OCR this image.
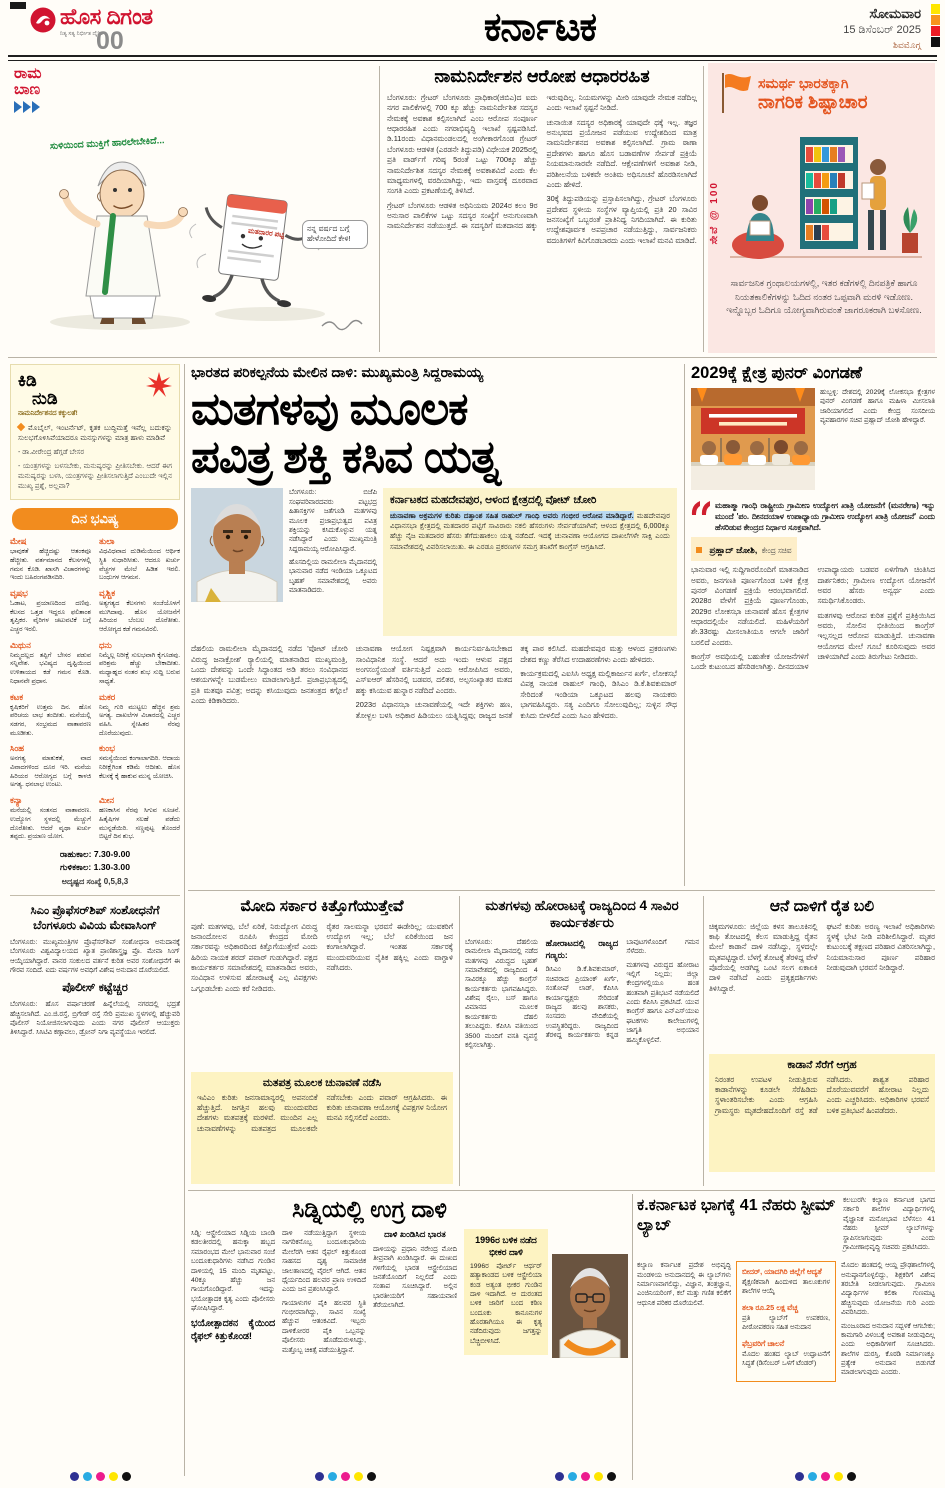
ಹೊಸ ದಿಗಂತ
ನಿತ್ಯ ಸತ್ಯ ನಿರ್ಭೀತ ದೈನಿಕ
00	ಕರ್ನಾಟಕ	ಸೋಮವಾರ
15 ಡಿಸೆಂಬರ್ 2025
ಶಿವಮೊಗ್ಗ
ರಾಮ
ಬಾಣ
ಸುಳಿಯಿಂದ ಮುಕ್ತಿಗೆ ಹಾರಲೇಬೇಕಿದೆ...
ಮತದಾರರ ಪಟ್ಟಿ	ನನ್ನ ವರ್ಷದ ಬಗ್ಗೆ ಹೇಳೋದಿದೆ ಕೇಳಿ!
ನಾಮನಿರ್ದೇಶನ ಆರೋಪ ಆಧಾರರಹಿತ

ಬೆಂಗಳೂರು: ಗ್ರೇಟರ್ ಬೆಂಗಳೂರು ಪ್ರಾಧಿಕಾರ(ಜಿಬಿಎ)ದ ಐದು ನಗರ ಪಾಲಿಕೆಗಳಲ್ಲಿ 700 ಕ್ಕೂ ಹೆಚ್ಚು ನಾಮನಿರ್ದೇಶಿತ ಸದಸ್ಯರ ನೇಮಕಕ್ಕೆ ಅವಕಾಶ ಕಲ್ಪಿಸಲಾಗಿದೆ ಎಂಬ ಆರೋಪ ಸಂಪೂರ್ಣ ಆಧಾರರಹಿತ ಎಂದು ನಗರಾಭಿವೃದ್ಧಿ ಇಲಾಖೆ ಸ್ಪಷ್ಟಪಡಿಸಿದೆ. ಡಿ.11ರಂದು ವಿಧಾನಮಂಡಲದಲ್ಲಿ ಅಂಗೀಕಾರಗೊಂಡ ಗ್ರೇಟರ್ ಬೆಂಗಳೂರು ಆಡಳಿತ (ಎರಡನೇ ತಿದ್ದುಪಡಿ) ವಿಧೇಯಕ 2025ರಲ್ಲಿ ಪ್ರತಿ ವಾರ್ಡ್‌ಗೆ ಗರಿಷ್ಠ 5ರಂತೆ ಒಟ್ಟು 700ಕ್ಕೂ ಹೆಚ್ಚು ನಾಮನಿರ್ದೇಶಿತ ಸದಸ್ಯರ ನೇಮಕಕ್ಕೆ ಅವಕಾಶವಿದೆ ಎಂದು ಕೆಲ ಮಾಧ್ಯಮಗಳಲ್ಲಿ ವರದಿಯಾಗಿದ್ದು, ಇದು ವಾಸ್ತವಕ್ಕೆ ದೂರವಾದ ಸಂಗತಿ ಎಂದು ಪ್ರಕಟಣೆಯಲ್ಲಿ ತಿಳಿಸಿದೆ.

ಗ್ರೇಟರ್ ಬೆಂಗಳೂರು ಆಡಳಿತ ಅಧಿನಿಯಮ 2024ರ ಕಲಂ 9ರ ಅನುಸಾರ ಪಾಲಿಕೆಗಳ ಒಟ್ಟು ಸದಸ್ಯರ ಸಂಖ್ಯೆಗೆ ಅನುಗುಣವಾಗಿ ನಾಮನಿರ್ದೇಶನ ನಡೆಯುತ್ತದೆ. ಈ ಸದಸ್ಯರಿಗೆ ಮತದಾನದ ಹಕ್ಕು ಇರುವುದಿಲ್ಲ. ನಿಯಮಗಳನ್ನು ಮೀರಿ ಯಾವುದೇ ನೇಮಕ ನಡೆದಿಲ್ಲ ಎಂದು ಇಲಾಖೆ ಸ್ಪಷ್ಟನೆ ನೀಡಿದೆ.

ಚುನಾಯಿತ ಸದಸ್ಯರ ಅಧಿಕಾರಕ್ಕೆ ಯಾವುದೇ ಧಕ್ಕೆ ಇಲ್ಲ. ತಜ್ಞರ ಅನುಭವದ ಪ್ರಯೋಜನ ಪಡೆಯುವ ಉದ್ದೇಶದಿಂದ ಮಾತ್ರ ನಾಮನಿರ್ದೇಶನದ ಅವಕಾಶ ಕಲ್ಪಿಸಲಾಗಿದೆ. ಗ್ರಾಮ ಠಾಣಾ ಪ್ರದೇಶಗಳು ಹಾಗೂ ಹೊಸ ಬಡಾವಣೆಗಳ ಸೇರ್ಪಡೆ ಪ್ರಕ್ರಿಯೆ ನಿಯಮಾನುಸಾರವೇ ನಡೆದಿದೆ. ಆಕ್ಷೇಪಣೆಗಳಿಗೆ ಅವಕಾಶ ನೀಡಿ, ಪರಿಶೀಲನೆಯ ಬಳಿಕವೇ ಅಂತಿಮ ಅಧಿಸೂಚನೆ ಹೊರಡಿಸಲಾಗಿದೆ ಎಂದು ಹೇಳಿದೆ.

30ಕ್ಕೆ ತಿದ್ದುಪಡಿಯನ್ನು ಪ್ರಸ್ತಾಪಿಸಲಾಗಿದ್ದು, ಗ್ರೇಟರ್ ಬೆಂಗಳೂರು ಪ್ರದೇಶದ ಸ್ಥಳೀಯ ಸಂಸ್ಥೆಗಳ ವ್ಯಾಪ್ತಿಯಲ್ಲಿ ಪ್ರತಿ 20 ಸಾವಿರ ಜನಸಂಖ್ಯೆಗೆ ಒಬ್ಬರಂತೆ ಪ್ರಾತಿನಿಧ್ಯ ನಿಗದಿಯಾಗಿದೆ. ಈ ಕುರಿತು ಉದ್ದೇಶಪೂರ್ವಕ ಅಪಪ್ರಚಾರ ನಡೆಯುತ್ತಿದ್ದು, ಸಾರ್ವಜನಿಕರು ವದಂತಿಗಳಿಗೆ ಕಿವಿಗೊಡಬಾರದು ಎಂದು ಇಲಾಖೆ ಮನವಿ ಮಾಡಿದೆ. ಸೇವೆ @ 100
ಸಮರ್ಥ ಭಾರತಕ್ಕಾಗಿ
ನಾಗರಿಕ ಶಿಷ್ಟಾಚಾರ
ಸಾರ್ವಜನಿಕ ಗ್ರಂಥಾಲಯಗಳಲ್ಲಿ, ಇತರ ಕಡೆಗಳಲ್ಲಿ ದಿನಪತ್ರಿಕೆ ಹಾಗೂ ನಿಯತಕಾಲಿಕೆಗಳನ್ನು ಓದಿದ ನಂತರ ಒಪ್ಪವಾಗಿ ಮರಳಿ ಇಡೋಣ. ಇನ್ನೊಬ್ಬರ ಓದಿಗೂ ಯೋಗ್ಯವಾಗಿರುವಂತೆ ಜಾಗರೂಕರಾಗಿ ಬಳಸೋಣ.
ಕಿಡಿ
ನುಡಿ
ನಾಮನಿರ್ದೇಶನದ ಕಕ್ಕುಲತೆ!
ಮೊಬೈಲ್, ಇಂಟರ್ನೆಟ್, ಕೃತಕ ಬುದ್ಧಿಮತ್ತೆ ಇವೆಲ್ಲ ಬದುಕನ್ನು ಸುಲಭಗೊಳಿಸಿವೆಯಾದರೂ ಮನಸ್ಸುಗಳನ್ನು ಮಾತ್ರ ಹಾಳು ಮಾಡಿವೆ
- ಡಾ.ವೀರೇಂದ್ರ ಹೆಗ್ಗಡೆ ಬೇಸರ
- ಯಂತ್ರಗಳನ್ನು ಬಳಸಬೇಕು, ಮನುಷ್ಯರನ್ನು ಪ್ರೀತಿಸಬೇಕು. ಆದರೆ ಈಗ ಮನುಷ್ಯರನ್ನು ಬಳಸಿ, ಯಂತ್ರಗಳನ್ನು ಪ್ರೀತಿಸಲಾಗುತ್ತಿದೆ ಎಂಬುದೇ ಇಲ್ಲಿನ ಮುಖ್ಯ ಪ್ರಶ್ನೆ, ಅಲ್ಲವಾ?
ದಿನ ಭವಿಷ್ಯ
ಮೇಷ
ಭಾವುಕತೆ ಹೆಚ್ಚಿದಷ್ಟು ಆತಂಕವೂ ಹೆಚ್ಚೀತು. ವರ್ತಮಾನದ ಕೆಲಸಗಳಲ್ಲಿ ಗಮನ ಕೊಡಿ. ಖಾಸಗಿ ವಿಚಾರಗಳನ್ನು ಇಂದು ಬಹಿರಂಗಪಡಿಸದಿರಿ.
ತುಲಾ
ವಿಧವಿಧವಾದ ದುಡಿಮೆಯಿಂದ ಆರ್ಥಿಕ ಸ್ಥಿತಿ ಸುಧಾರಿಸೀತು. ಆದರೂ ಖರ್ಚು ವೆಚ್ಚಗಳ ಮೇಲೆ ಹಿಡಿತ ಇರಲಿ. ಬಂಧುಗಳ ಆಗಮನ.
ವೃಷಭ
ಓಡಾಟ, ಪ್ರಯಾಣದಿಂದ ದಣಿವು. ಕೆಲಸದ ಒತ್ತಡ ಇದ್ದರೂ ಫಲಿತಾಂಶ ತೃಪ್ತಿಕರ. ವೈರಿಗಳ ಚಟುವಟಿಕೆ ಬಗ್ಗೆ ಎಚ್ಚರ ಇರಲಿ.
ವೃಶ್ಚಿಕ
ಅತ್ಯಗತ್ಯದ ಕೆಲಸಗಳು ಸಂಜೆಯೊಳಗೆ ಮುಗಿದಾವು. ಹೊಸ ಯೋಜನೆಗೆ ಹಿರಿಯರ ಬೆಂಬಲ ದೊರೆತೀತು. ಆರೋಗ್ಯದ ಕಡೆ ಗಮನವಿರಲಿ.
ಮಿಥುನ
ನಿಮ್ಮದಲ್ಲದ ತಪ್ಪಿಗೆ ಬೇಸರ ಪಡುವ ಸನ್ನಿವೇಶ. ಭವಿಷ್ಯದ ದೃಷ್ಟಿಯಿಂದ ಉಳಿತಾಯದ ಕಡೆ ಗಮನ ಕೊಡಿ. ನಿಧಾನವೇ ಪ್ರಧಾನ.
ಧನು
ನಿಮ್ಮೆಲ್ಲ ನಿರೀಕ್ಷೆ ಸುಲಭವಾಗಿ ಕೈಗೂಡವು. ಪರಿಶ್ರಮ ಹೆಚ್ಚು ಬೇಕಾದೀತು. ಮಧ್ಯಾಹ್ನದ ನಂತರ ಶುಭ ಸುದ್ದಿ ಬರುವ ಸಾಧ್ಯತೆ.
ಕಟಕ
ಕೃಷಿಕರಿಗೆ ಉತ್ತಮ ದಿನ. ಹೊಸ ಪರಿಚಯ ಲಾಭ ತಂದೀತು. ಮನೆಯಲ್ಲಿ ಸಡಗರ, ಸಂಭ್ರಮದ ವಾತಾವರಣ ಮೂಡೀತು.
ಮಕರ
ನಿಮ್ಮ ಗುರಿ ಮುಟ್ಟಲು ಹೆಚ್ಚಿನ ಶ್ರಮ ಅಗತ್ಯ. ದಾಖಲೆಗಳ ವಿಚಾರದಲ್ಲಿ ಎಚ್ಚರ ವಹಿಸಿ. ಸ್ನೇಹಿತರ ನೆರವು ದೊರೆಯುವುದು.
ಸಿಂಹ
ಅನಗತ್ಯ ಮಾತುಕತೆ, ವಾದ ವಿವಾದಗಳಿಂದ ದೂರ ಇರಿ. ಮನೆಯ ಹಿರಿಯರ ಆರೋಗ್ಯದ ಬಗ್ಗೆ ಕಾಳಜಿ ಅಗತ್ಯ. ಧನಲಾಭ ಉಂಟು.
ಕುಂಭ
ಸಮಸ್ಯೆಯಿಂದ ಕಂಗಾಲಾಗದಿರಿ. ಆದಾಯ ನಿರೀಕ್ಷೆಗಿಂತ ಕಡಿಮೆ ಆದೀತು. ಹೊಸ ಕೆಲಸಕ್ಕೆ ಕೈ ಹಾಕುವ ಮುನ್ನ ಯೋಚಿಸಿ.
ಕನ್ಯಾ
ಮನೆಯಲ್ಲಿ ಸಂತಸದ ವಾತಾವರಣ. ಉದ್ಯೋಗ ಸ್ಥಳದಲ್ಲಿ ಮೆಚ್ಚುಗೆ ದೊರೆತೀತು. ಆದರೆ ವೃಥಾ ಖರ್ಚು ತಪ್ಪದು. ಪ್ರಯಾಣ ಯೋಗ.
ಮೀನ
ಹಣಕಾಸಿನ ನೆರವು ಸಿಗುವ ಸೂಚನೆ. ಹಿತೈಷಿಗಳ ಸಲಹೆ ಪಡೆದು ಮುನ್ನಡೆಯಿರಿ. ಸಣ್ಣಪುಟ್ಟ ತೊಂದರೆ ಬಿಟ್ಟರೆ ದಿನ ಶುಭ.
ರಾಹುಕಾಲ: 7.30-9.00
ಗುಳಿಕಕಾಲ: 1.30-3.00
ಅದೃಷ್ಟದ ಸಂಖ್ಯೆ 0,5,8,3
ಸಿಎಂ ಪ್ರೊಫೆಸರ್‌ಶಿಪ್ ಸಂಶೋಧನೆಗೆ ಬೆಂಗಳೂರು ವಿವಿಯ ಮೇವಾಸಿಂಗ್

ಬೆಂಗಳೂರು: ಮುಖ್ಯಮಂತ್ರಿಗಳ ಪ್ರೊಫೆಸರ್‌ಶಿಪ್ ಸಂಶೋಧನಾ ಅನುದಾನಕ್ಕೆ ಬೆಂಗಳೂರು ವಿಶ್ವವಿದ್ಯಾಲಯದ ಖ್ಯಾತ ಪ್ರಾಣಿಶಾಸ್ತ್ರಜ್ಞ ಪ್ರೊ. ಮೇವಾ ಸಿಂಗ್ ಆಯ್ಕೆಯಾಗಿದ್ದಾರೆ. ವಾನರ ಸಂಕುಲದ ವರ್ತನೆ ಕುರಿತ ಅವರ ಸಂಶೋಧನೆಗೆ ಈ ಗೌರವ ಸಂದಿದೆ. ಐದು ವರ್ಷಗಳ ಅವಧಿಗೆ ವಿಶೇಷ ಅನುದಾನ ದೊರೆಯಲಿದೆ.

ಪೊಲೀಸ್ ಕಟ್ಟೆಚ್ಚರ

ಬೆಂಗಳೂರು: ಹೊಸ ವರ್ಷಾಚರಣೆ ಹಿನ್ನೆಲೆಯಲ್ಲಿ ನಗರದಲ್ಲಿ ಭದ್ರತೆ ಹೆಚ್ಚಿಸಲಾಗಿದೆ. ಎಂ.ಜಿ.ರಸ್ತೆ, ಬ್ರಿಗೇಡ್ ರಸ್ತೆ ಸೇರಿ ಪ್ರಮುಖ ಸ್ಥಳಗಳಲ್ಲಿ ಹೆಚ್ಚುವರಿ ಪೊಲೀಸ್ ನಿಯೋಜಿಸಲಾಗುವುದು ಎಂದು ನಗರ ಪೊಲೀಸ್ ಆಯುಕ್ತರು ತಿಳಿಸಿದ್ದಾರೆ. ಸಿಸಿಟಿವಿ ಕಣ್ಗಾವಲು, ಡ್ರೋನ್ ನಿಗಾ ವ್ಯವಸ್ಥೆಯೂ ಇರಲಿದೆ.

ಭಾರತದ ಪರಿಕಲ್ಪನೆಯ ಮೇಲಿನ ದಾಳಿ: ಮುಖ್ಯಮಂತ್ರಿ ಸಿದ್ದರಾಮಯ್ಯ
ಮತಗಳವು ಮೂಲಕ
ಪವಿತ್ರ ಶಕ್ತಿ ಕಸಿವ ಯತ್ನ

ಬೆಂಗಳೂರು: ಬಿಜೆಪಿ ಸಂಘಪರಿವಾರದವರು ಪಟ್ಟಭದ್ರ ಹಿತಾಸಕ್ತಿಗಳ ಜತೆಗೂಡಿ ಮತಗಳವು ಮೂಲಕ ಪ್ರಜಾಪ್ರಭುತ್ವದ ಪವಿತ್ರ ಶಕ್ತಿಯನ್ನು ಕಸಿದುಕೊಳ್ಳುವ ಯತ್ನ ನಡೆಸಿದ್ದಾರೆ ಎಂದು ಮುಖ್ಯಮಂತ್ರಿ ಸಿದ್ದರಾಮಯ್ಯ ಆರೋಪಿಸಿದ್ದಾರೆ.

ಹೊಸದಿಲ್ಲಿಯ ರಾಮಲೀಲಾ ಮೈದಾನದಲ್ಲಿ ಭಾನುವಾರ ನಡೆದ ಇಂಡಿಯಾ ಒಕ್ಕೂಟದ ಬೃಹತ್ ಸಮಾವೇಶದಲ್ಲಿ ಅವರು ಮಾತನಾಡಿದರು.

ಕರ್ನಾಟಕದ ಮಹದೇವಪುರ, ಆಳಂದ ಕ್ಷೇತ್ರದಲ್ಲಿ ವೋಟ್ ಚೋರಿ
ಚುನಾವಣಾ ಅಕ್ರಮಗಳ ಕುರಿತು ದತ್ತಾಂಶ ಸಹಿತ ರಾಹುಲ್ ಗಾಂಧಿ ಅವರು ಗಂಭೀರ ಆರೋಪ ಮಾಡಿದ್ದಾರೆ. ಮಹದೇವಪುರ ವಿಧಾನಸಭಾ ಕ್ಷೇತ್ರದಲ್ಲಿ ಮತದಾರರ ಪಟ್ಟಿಗೆ ಸಾವಿರಾರು ನಕಲಿ ಹೆಸರುಗಳು ಸೇರ್ಪಡೆಯಾಗಿವೆ; ಆಳಂದ ಕ್ಷೇತ್ರದಲ್ಲಿ 6,000ಕ್ಕೂ ಹೆಚ್ಚು ನೈಜ ಮತದಾರರ ಹೆಸರು ತೆಗೆದುಹಾಕಲು ಯತ್ನ ನಡೆದಿದೆ. ಇದಕ್ಕೆ ಚುನಾವಣಾ ಆಯೋಗದ ದಾಖಲೆಗಳೇ ಸಾಕ್ಷಿ ಎಂದು ಸಮಾವೇಶದಲ್ಲಿ ವಿವರಿಸಲಾಯಿತು. ಈ ಎರಡೂ ಪ್ರಕರಣಗಳ ಸಮಗ್ರ ತನಿಖೆಗೆ ಕಾಂಗ್ರೆಸ್ ಆಗ್ರಹಿಸಿದೆ.

ದೆಹಲಿಯ ರಾಮಲೀಲಾ ಮೈದಾನದಲ್ಲಿ ನಡೆದ 'ವೋಟ್ ಚೋರಿ ವಿರುದ್ಧ ಜನಾಕ್ರೋಶ' ರ‍್ಯಾಲಿಯಲ್ಲಿ ಮಾತನಾಡಿದ ಮುಖ್ಯಮಂತ್ರಿ, ಒಂದು ದೇಶವನ್ನು ಒಂದೇ ಸಿದ್ಧಾಂತದ ಅಡಿ ತರಲು ಸಂವಿಧಾನದ ಆಶಯಗಳನ್ನೇ ಬುಡಮೇಲು ಮಾಡಲಾಗುತ್ತಿದೆ. ಪ್ರಜಾಪ್ರಭುತ್ವದಲ್ಲಿ ಪ್ರತಿ ಮತವೂ ಪವಿತ್ರ; ಅದನ್ನು ಕಸಿಯುವುದು ಜನತಂತ್ರದ ಕಗ್ಗೊಲೆ ಎಂದು ಕಿಡಿಕಾರಿದರು.

ಚುನಾವಣಾ ಆಯೋಗ ನಿಷ್ಪಕ್ಷವಾಗಿ ಕಾರ್ಯನಿರ್ವಹಿಸಬೇಕಾದ ಸಾಂವಿಧಾನಿಕ ಸಂಸ್ಥೆ. ಆದರೆ ಅದು ಇಂದು ಆಳುವ ಪಕ್ಷದ ಅಂಗಸಂಸ್ಥೆಯಂತೆ ವರ್ತಿಸುತ್ತಿದೆ ಎಂದು ಆರೋಪಿಸಿದ ಅವರು, ಎಸ್‌ಐಆರ್ ಹೆಸರಿನಲ್ಲಿ ಬಡವರ, ದಲಿತರ, ಅಲ್ಪಸಂಖ್ಯಾತರ ಮತದ ಹಕ್ಕು ಕಸಿಯುವ ಹುನ್ನಾರ ನಡೆದಿದೆ ಎಂದರು.

2023ರ ವಿಧಾನಸಭಾ ಚುನಾವಣೆಯಲ್ಲಿ ಇದೇ ಶಕ್ತಿಗಳು ಹಣ, ತೋಳ್ಬಲ ಬಳಸಿ ಅಧಿಕಾರ ಹಿಡಿಯಲು ಯತ್ನಿಸಿದ್ದವು; ರಾಜ್ಯದ ಜನತೆ ತಕ್ಕ ಪಾಠ ಕಲಿಸಿದೆ. ಮಹದೇವಪುರ ಮತ್ತು ಆಳಂದ ಪ್ರಕರಣಗಳು ದೇಶದ ಕಣ್ಣು ತೆರೆಸಿದ ಉದಾಹರಣೆಗಳು ಎಂದು ಹೇಳಿದರು.

ಕಾರ್ಯಕ್ರಮದಲ್ಲಿ ಎಐಸಿಸಿ ಅಧ್ಯಕ್ಷ ಮಲ್ಲಿಕಾರ್ಜುನ ಖರ್ಗೆ, ಲೋಕಸಭೆ ವಿಪಕ್ಷ ನಾಯಕ ರಾಹುಲ್ ಗಾಂಧಿ, ಡಿಸಿಎಂ ಡಿ.ಕೆ.ಶಿವಕುಮಾರ್ ಸೇರಿದಂತೆ ಇಂಡಿಯಾ ಒಕ್ಕೂಟದ ಹಲವು ನಾಯಕರು ಭಾಗವಹಿಸಿದ್ದರು. ಸತ್ಯ ಎಂದಿಗೂ ಸೋಲುವುದಿಲ್ಲ; ಸುಳ್ಳಿನ ಸೌಧ ಕುಸಿದು ಬೀಳಲಿದೆ ಎಂದು ಸಿಎಂ ಹೇಳಿದರು.

2029ಕ್ಕೆ ಕ್ಷೇತ್ರ ಪುನರ್ ವಿಂಗಡಣೆ

ಹುಬ್ಬಳ್ಳಿ: ದೇಶದಲ್ಲಿ 2029ಕ್ಕೆ ಲೋಕಸಭಾ ಕ್ಷೇತ್ರಗಳ ಪುನರ್ ವಿಂಗಡಣೆ ಹಾಗೂ ಮಹಿಳಾ ಮೀಸಲಾತಿ ಜಾರಿಯಾಗಲಿದೆ ಎಂದು ಕೇಂದ್ರ ಸಂಸದೀಯ ವ್ಯವಹಾರಗಳ ಸಚಿವ ಪ್ರಹ್ಲಾದ್ ಜೋಶಿ ಹೇಳಿದ್ದಾರೆ.

ಮಹಾತ್ಮಾ ಗಾಂಧಿ ರಾಷ್ಟ್ರೀಯ ಗ್ರಾಮೀಣ ಉದ್ಯೋಗ ಖಾತ್ರಿ ಯೋಜನೆಗೆ (ಮನರೇಗಾ) ಇನ್ನು ಮುಂದೆ 'ಪಂ. ದೀನದಯಾಳ ಉಪಾಧ್ಯಾಯ ಗ್ರಾಮೀಣ ಉದ್ಯೋಗ ಖಾತ್ರಿ ಯೋಜನೆ' ಎಂದು ಹೆಸರಿಡುವ ಕೇಂದ್ರದ ನಿರ್ಧಾರ ಸೂಕ್ತವಾಗಿದೆ.
ಪ್ರಹ್ಲಾದ್ ಜೋಶಿ, ಕೇಂದ್ರ ಸಚಿವ

ಭಾನುವಾರ ಇಲ್ಲಿ ಸುದ್ದಿಗಾರರೊಂದಿಗೆ ಮಾತನಾಡಿದ ಅವರು, ಜನಗಣತಿ ಪೂರ್ಣಗೊಂಡ ಬಳಿಕ ಕ್ಷೇತ್ರ ಪುನರ್ ವಿಂಗಡಣೆ ಪ್ರಕ್ರಿಯೆ ಆರಂಭವಾಗಲಿದೆ. 2028ರ ವೇಳೆಗೆ ಪ್ರಕ್ರಿಯೆ ಪೂರ್ಣಗೊಂಡು, 2029ರ ಲೋಕಸಭಾ ಚುನಾವಣೆ ಹೊಸ ಕ್ಷೇತ್ರಗಳ ಆಧಾರದಲ್ಲಿಯೇ ನಡೆಯಲಿದೆ. ಮಹಿಳೆಯರಿಗೆ ಶೇ.33ರಷ್ಟು ಮೀಸಲಾತಿಯೂ ಆಗಲೇ ಜಾರಿಗೆ ಬರಲಿದೆ ಎಂದರು.

ಕಾಂಗ್ರೆಸ್ ಅವಧಿಯಲ್ಲಿ ಬಹುತೇಕ ಯೋಜನೆಗಳಿಗೆ ಒಂದೇ ಕುಟುಂಬದ ಹೆಸರಿಡಲಾಗಿತ್ತು. ದೀನದಯಾಳ ಉಪಾಧ್ಯಾಯರು ಬಡವರ ಏಳಿಗೆಗಾಗಿ ಚಿಂತಿಸಿದ ದಾರ್ಶನಿಕರು; ಗ್ರಾಮೀಣ ಉದ್ಯೋಗ ಯೋಜನೆಗೆ ಅವರ ಹೆಸರು ಅನ್ವರ್ಥ ಎಂದು ಸಮರ್ಥಿಸಿಕೊಂಡರು.

ಮತಗಳವು ಆರೋಪ ಕುರಿತ ಪ್ರಶ್ನೆಗೆ ಪ್ರತಿಕ್ರಿಯಿಸಿದ ಅವರು, ಸೋಲಿನ ಭೀತಿಯಿಂದ ಕಾಂಗ್ರೆಸ್ ಇಲ್ಲಸಲ್ಲದ ಆರೋಪ ಮಾಡುತ್ತಿದೆ. ಚುನಾವಣಾ ಆಯೋಗದ ಮೇಲೆ ಗೂಬೆ ಕೂರಿಸುವುದು ಅವರ ಚಾಳಿಯಾಗಿದೆ ಎಂದು ತಿರುಗೇಟು ನೀಡಿದರು.

ಮೋದಿ ಸರ್ಕಾರ ಕಿತ್ತೊಗೆಯುತ್ತೇವೆ

ಪುಣೆ: ಮತಗಳವು, ಬೆಲೆ ಏರಿಕೆ, ನಿರುದ್ಯೋಗ ವಿರುದ್ಧ ಜನಾಂದೋಲನ ರೂಪಿಸಿ ಕೇಂದ್ರದ ಮೋದಿ ಸರ್ಕಾರವನ್ನು ಅಧಿಕಾರದಿಂದ ಕಿತ್ತೊಗೆಯುತ್ತೇವೆ ಎಂದು ಹಿರಿಯ ನಾಯಕ ಶರದ್ ಪವಾರ್ ಗುಡುಗಿದ್ದಾರೆ. ಪಕ್ಷದ ಕಾರ್ಯಕರ್ತರ ಸಮಾವೇಶದಲ್ಲಿ ಮಾತನಾಡಿದ ಅವರು, ಸಂವಿಧಾನ ಉಳಿಸುವ ಹೋರಾಟಕ್ಕೆ ಎಲ್ಲ ವಿಪಕ್ಷಗಳು ಒಗ್ಗೂಡಬೇಕು ಎಂದು ಕರೆ ನೀಡಿದರು.

ರೈತರ ಸಾಲಮನ್ನಾ ಭರವಸೆ ಈಡೇರಿಲ್ಲ; ಯುವಕರಿಗೆ ಉದ್ಯೋಗ ಇಲ್ಲ; ಬೆಲೆ ಏರಿಕೆಯಿಂದ ಜನ ಕಂಗಾಲಾಗಿದ್ದಾರೆ. ಇಂತಹ ಸರ್ಕಾರಕ್ಕೆ ಮುಂದುವರಿಯುವ ನೈತಿಕ ಹಕ್ಕಿಲ್ಲ ಎಂದು ವಾಗ್ದಾಳಿ ನಡೆಸಿದರು.

ಮತಪತ್ರ ಮೂಲಕ ಚುನಾವಣೆ ನಡೆಸಿ

ಇವಿಎಂ ಕುರಿತು ಜನಸಾಮಾನ್ಯರಲ್ಲಿ ಅಪನಂಬಿಕೆ ಹೆಚ್ಚುತ್ತಿದೆ. ಜಗತ್ತಿನ ಹಲವು ಮುಂದುವರಿದ ದೇಶಗಳು ಮತಪತ್ರಕ್ಕೆ ಮರಳಿವೆ. ಮುಂದಿನ ಎಲ್ಲ ಚುನಾವಣೆಗಳನ್ನು ಮತಪತ್ರದ ಮೂಲಕವೇ ನಡೆಸಬೇಕು ಎಂದು ಪವಾರ್ ಆಗ್ರಹಿಸಿದರು. ಈ ಕುರಿತು ಚುನಾವಣಾ ಆಯೋಗಕ್ಕೆ ವಿಪಕ್ಷಗಳ ನಿಯೋಗ ಮನವಿ ಸಲ್ಲಿಸಲಿದೆ ಎಂದರು.

ಮತಗಳವು ಹೋರಾಟಕ್ಕೆ ರಾಜ್ಯದಿಂದ 4 ಸಾವಿರ ಕಾರ್ಯಕರ್ತರು

ಬೆಂಗಳೂರು: ದೆಹಲಿಯ ರಾಮಲೀಲಾ ಮೈದಾನದಲ್ಲಿ ನಡೆದ ಮತಗಳವು ವಿರುದ್ಧದ ಬೃಹತ್ ಸಮಾವೇಶದಲ್ಲಿ ರಾಜ್ಯದಿಂದ 4 ಸಾವಿರಕ್ಕೂ ಹೆಚ್ಚು ಕಾಂಗ್ರೆಸ್ ಕಾರ್ಯಕರ್ತರು ಭಾಗವಹಿಸಿದ್ದರು. ವಿಶೇಷ ರೈಲು, ಬಸ್ ಹಾಗೂ ವಿಮಾನದ ಮೂಲಕ ಕಾರ್ಯಕರ್ತರು ದೆಹಲಿ ತಲುಪಿದ್ದರು. ಕೆಪಿಸಿಸಿ ವತಿಯಿಂದ 3500 ಮಂದಿಗೆ ವಸತಿ ವ್ಯವಸ್ಥೆ ಕಲ್ಪಿಸಲಾಗಿತ್ತು.

ಹೋರಾಟದಲ್ಲಿ ರಾಜ್ಯದ ಗಣ್ಯರು:

ಡಿಸಿಎಂ ಡಿ.ಕೆ.ಶಿವಕುಮಾರ್, ಸಚಿವರಾದ ಪ್ರಿಯಾಂಕ್ ಖರ್ಗೆ, ಸಂತೋಷ್ ಲಾಡ್, ಕೆಪಿಸಿಸಿ ಕಾರ್ಯಾಧ್ಯಕ್ಷರು ಸೇರಿದಂತೆ ರಾಜ್ಯದ ಹಲವು ಶಾಸಕರು, ಸಂಸದರು ವೇದಿಕೆಯಲ್ಲಿ ಉಪಸ್ಥಿತರಿದ್ದರು. ರಾಜ್ಯದಿಂದ ತೆರಳಿದ್ದ ಕಾರ್ಯಕರ್ತರು ಕನ್ನಡ ಬಾವುಟಗಳೊಂದಿಗೆ ಗಮನ ಸೆಳೆದರು.

ಮತಗಳವು ವಿರುದ್ಧದ ಹೋರಾಟ ಇಲ್ಲಿಗೆ ನಿಲ್ಲದು; ಜಿಲ್ಲಾ ಕೇಂದ್ರಗಳಲ್ಲಿಯೂ ಹಂತ ಹಂತವಾಗಿ ಪ್ರತಿಭಟನೆ ನಡೆಯಲಿದೆ ಎಂದು ಕೆಪಿಸಿಸಿ ಪ್ರಕಟಿಸಿದೆ. ಯುವ ಕಾಂಗ್ರೆಸ್ ಹಾಗೂ ಎನ್‌ಎಸ್‌ಯುಐ ಘಟಕಗಳು ಕಾಲೇಜುಗಳಲ್ಲಿ ಜಾಗೃತಿ ಅಭಿಯಾನ ಹಮ್ಮಿಕೊಳ್ಳಲಿವೆ.

ಆನೆ ದಾಳಿಗೆ ರೈತ ಬಲಿ

ಚಿಕ್ಕಮಗಳೂರು: ಜಿಲ್ಲೆಯ ಕಳಸ ತಾಲೂಕಿನಲ್ಲಿ ಕಾಫಿ ತೋಟದಲ್ಲಿ ಕೆಲಸ ಮಾಡುತ್ತಿದ್ದ ರೈತನ ಮೇಲೆ ಕಾಡಾನೆ ದಾಳಿ ನಡೆಸಿದ್ದು, ಸ್ಥಳದಲ್ಲೇ ಮೃತಪಟ್ಟಿದ್ದಾರೆ. ಬೆಳಗ್ಗೆ ತೋಟಕ್ಕೆ ತೆರಳಿದ್ದ ವೇಳೆ ಪೊದೆಯಲ್ಲಿ ಅಡಗಿದ್ದ ಒಂಟಿ ಸಲಗ ಏಕಾಏಕಿ ದಾಳಿ ನಡೆಸಿದೆ ಎಂದು ಪ್ರತ್ಯಕ್ಷದರ್ಶಿಗಳು ತಿಳಿಸಿದ್ದಾರೆ.

ಘಟನೆ ಕುರಿತು ಅರಣ್ಯ ಇಲಾಖೆ ಅಧಿಕಾರಿಗಳು ಸ್ಥಳಕ್ಕೆ ಭೇಟಿ ನೀಡಿ ಪರಿಶೀಲಿಸಿದ್ದಾರೆ. ಮೃತರ ಕುಟುಂಬಕ್ಕೆ ತಕ್ಷಣದ ಪರಿಹಾರ ವಿತರಿಸಲಾಗಿದ್ದು, ನಿಯಮಾನುಸಾರ ಪೂರ್ಣ ಪರಿಹಾರ ನೀಡುವುದಾಗಿ ಭರವಸೆ ನೀಡಿದ್ದಾರೆ.

ಕಾಡಾನೆ ಸೆರೆಗೆ ಆಗ್ರಹ

ನಿರಂತರ ಉಪಟಳ ನೀಡುತ್ತಿರುವ ಕಾಡಾನೆಗಳನ್ನು ಕೂಡಲೇ ಸೆರೆಹಿಡಿದು ಸ್ಥಳಾಂತರಿಸಬೇಕು ಎಂದು ಆಗ್ರಹಿಸಿ ಗ್ರಾಮಸ್ಥರು ಮೃತದೇಹದೊಂದಿಗೆ ರಸ್ತೆ ತಡೆ ನಡೆಸಿದರು. ಶಾಶ್ವತ ಪರಿಹಾರ ದೊರೆಯುವವರೆಗೆ ಹೋರಾಟ ನಿಲ್ಲದು ಎಂದು ಎಚ್ಚರಿಸಿದರು. ಅಧಿಕಾರಿಗಳ ಭರವಸೆ ಬಳಿಕ ಪ್ರತಿಭಟನೆ ಹಿಂಪಡೆದರು.

ಸಿಡ್ನಿಯಲ್ಲಿ ಉಗ್ರ ದಾಳಿ

ಸಿಡ್ನಿ: ಆಸ್ಟ್ರೇಲಿಯಾದ ಸಿಡ್ನಿಯ ಬಾಂಡಿ ಕಡಲತೀರದಲ್ಲಿ ಹನುಕ್ಕಾ ಹಬ್ಬದ ಸಮಾರಂಭದ ಮೇಲೆ ಭಾನುವಾರ ಸಂಜೆ ಬಂದೂಕುಧಾರಿಗಳು ನಡೆಸಿದ ಗುಂಡಿನ ದಾಳಿಯಲ್ಲಿ 15 ಮಂದಿ ಮೃತಪಟ್ಟು, 40ಕ್ಕೂ ಹೆಚ್ಚು ಜನ ಗಾಯಗೊಂಡಿದ್ದಾರೆ. ಇದನ್ನು ಭಯೋತ್ಪಾದಕ ಕೃತ್ಯ ಎಂದು ಪೊಲೀಸರು ಘೋಷಿಸಿದ್ದಾರೆ.

ಭಯೋತ್ಪಾದಕನ ಕೈಯಿಂದ ರೈಫಲ್ ಕಿತ್ತುಕೊಂಡ!

ದಾಳಿ ನಡೆಯುತ್ತಿದ್ದಾಗ ಸ್ಥಳೀಯ ನಾಗರಿಕನೊಬ್ಬ ಬಂದೂಕುಧಾರಿಯ ಮೇಲೆರಗಿ ಆತನ ರೈಫಲ್ ಕಿತ್ತುಕೊಂಡ ಸಾಹಸದ ದೃಶ್ಯ ಸಾಮಾಜಿಕ ಜಾಲತಾಣದಲ್ಲಿ ವೈರಲ್ ಆಗಿದೆ. ಆತನ ಧೈರ್ಯದಿಂದ ಹಲವರ ಪ್ರಾಣ ಉಳಿದಿದೆ ಎಂದು ಜನ ಪ್ರಶಂಸಿಸಿದ್ದಾರೆ.

ಗಾಯಾಳುಗಳ ಪೈಕಿ ಹಲವರ ಸ್ಥಿತಿ ಗಂಭೀರವಾಗಿದ್ದು, ಸಾವಿನ ಸಂಖ್ಯೆ ಹೆಚ್ಚುವ ಆತಂಕವಿದೆ. ಇಬ್ಬರು ದಾಳಿಕೋರರ ಪೈಕಿ ಒಬ್ಬನನ್ನು ಪೊಲೀಸರು ಹೊಡೆದುರುಳಿಸಿದ್ದು, ಮತ್ತೊಬ್ಬ ಚಿಕಿತ್ಸೆ ಪಡೆಯುತ್ತಿದ್ದಾನೆ.

ದಾಳಿ ಖಂಡಿಸಿದ ಭಾರತ

ದಾಳಿಯನ್ನು ಪ್ರಧಾನಿ ನರೇಂದ್ರ ಮೋದಿ ತೀವ್ರವಾಗಿ ಖಂಡಿಸಿದ್ದಾರೆ. ಈ ದುಃಖದ ಗಳಿಗೆಯಲ್ಲಿ ಭಾರತ ಆಸ್ಟ್ರೇಲಿಯಾದ ಜನತೆಯೊಂದಿಗೆ ನಿಲ್ಲಲಿದೆ ಎಂದು ಸಂತಾಪ ಸೂಚಿಸಿದ್ದಾರೆ. ಅಲ್ಲಿನ ಭಾರತೀಯರಿಗೆ ಸಹಾಯವಾಣಿ ತೆರೆಯಲಾಗಿದೆ.

1996ರ ಬಳಿಕ ನಡೆದ ಭೀಕರ ದಾಳಿ

1996ರ ಪೋರ್ಟ್ ಆರ್ಥರ್ ಹತ್ಯಾಕಾಂಡದ ಬಳಿಕ ಆಸ್ಟ್ರೇಲಿಯಾ ಕಂಡ ಅತ್ಯಂತ ಭೀಕರ ಗುಂಡಿನ ದಾಳಿ ಇದಾಗಿದೆ. ಆ ದುರಂತದ ಬಳಿಕ ಜಾರಿಗೆ ಬಂದ ಕಠಿಣ ಬಂದೂಕು ಕಾನೂನುಗಳ ಹೊರತಾಗಿಯೂ ಈ ಕೃತ್ಯ ನಡೆದಿರುವುದು ಜಗತ್ತನ್ನು ಬೆಚ್ಚಿಬೀಳಿಸಿದೆ.

ಕ.ಕರ್ನಾಟಕ ಭಾಗಕ್ಕೆ 41 ನೆಹರು ಸ್ಟೀಮ್ ಲ್ಯಾಬ್

ಕಲಬುರಗಿ: ಕಲ್ಯಾಣ ಕರ್ನಾಟಕ ಭಾಗದ ಸರ್ಕಾರಿ ಶಾಲೆಗಳ ವಿದ್ಯಾರ್ಥಿಗಳಲ್ಲಿ ವೈಜ್ಞಾನಿಕ ಮನೋಭಾವ ಬೆಳೆಸಲು 41 ನೆಹರು ಸ್ಟೀಮ್ ಲ್ಯಾಬ್‌ಗಳನ್ನು ಸ್ಥಾಪಿಸಲಾಗುವುದು ಎಂದು ಗ್ರಾಮೀಣಾಭಿವೃದ್ಧಿ ಸಚಿವರು ಪ್ರಕಟಿಸಿದರು.

ಕಲ್ಯಾಣ ಕರ್ನಾಟಕ ಪ್ರದೇಶ ಅಭಿವೃದ್ಧಿ ಮಂಡಳಿಯ ಅನುದಾನದಲ್ಲಿ ಈ ಲ್ಯಾಬ್‌ಗಳು ನಿರ್ಮಾಣವಾಗಲಿದ್ದು, ವಿಜ್ಞಾನ, ತಂತ್ರಜ್ಞಾನ, ಎಂಜಿನಿಯರಿಂಗ್, ಕಲೆ ಮತ್ತು ಗಣಿತ ಕಲಿಕೆಗೆ ಆಧುನಿಕ ಪರಿಕರ ದೊರೆಯಲಿವೆ.

ಬೀದರ್, ಯಾದಗಿರಿ ಜಿಲ್ಲೆಗೆ ಆದ್ಯತೆ
ಶೈಕ್ಷಣಿಕವಾಗಿ ಹಿಂದುಳಿದ ತಾಲೂಕುಗಳ ಶಾಲೆಗಳ ಆಯ್ಕೆ
ತಲಾ ರೂ.25 ಲಕ್ಷ ವೆಚ್ಚ
ಪ್ರತಿ ಲ್ಯಾಬ್‌ಗೆ ಉಪಕರಣ, ಪೀಠೋಪಕರಣ ಸಹಿತ ಅನುದಾನ
ಫೆಬ್ರವರಿಗೆ ಚಾಲನೆ
ಮೊದಲ ಹಂತದ ಲ್ಯಾಬ್ ಉದ್ಘಾಟನೆಗೆ ಸಿದ್ಧತೆ (ಡಿಸೆಂಬರ್ ಒಳಗೆ ಟೆಂಡರ್)

ಮೊದಲ ಹಂತದಲ್ಲಿ ಆಯ್ದ ಪ್ರೌಢಶಾಲೆಗಳಲ್ಲಿ ಅನುಷ್ಠಾನಗೊಳ್ಳಲಿದ್ದು, ಶಿಕ್ಷಕರಿಗೆ ವಿಶೇಷ ತರಬೇತಿ ನೀಡಲಾಗುವುದು. ಗ್ರಾಮೀಣ ವಿದ್ಯಾರ್ಥಿಗಳ ಕಲಿಕಾ ಗುಣಮಟ್ಟ ಹೆಚ್ಚಿಸುವುದು ಯೋಜನೆಯ ಗುರಿ ಎಂದು ವಿವರಿಸಿದರು.

ಮಂಜೂರಾದ ಅನುದಾನ ಸದ್ಬಳಕೆ ಆಗಬೇಕು; ಕಾಮಗಾರಿ ವಿಳಂಬಕ್ಕೆ ಅವಕಾಶ ನೀಡುವುದಿಲ್ಲ ಎಂದು ಅಧಿಕಾರಿಗಳಿಗೆ ಸೂಚಿಸಿದರು. ಶಾಲೆಗಳ ದುರಸ್ತಿ, ಕೊಠಡಿ ನಿರ್ಮಾಣಕ್ಕೂ ಪ್ರತ್ಯೇಕ ಅನುದಾನ ಬಿಡುಗಡೆ ಮಾಡಲಾಗುವುದು ಎಂದರು.
